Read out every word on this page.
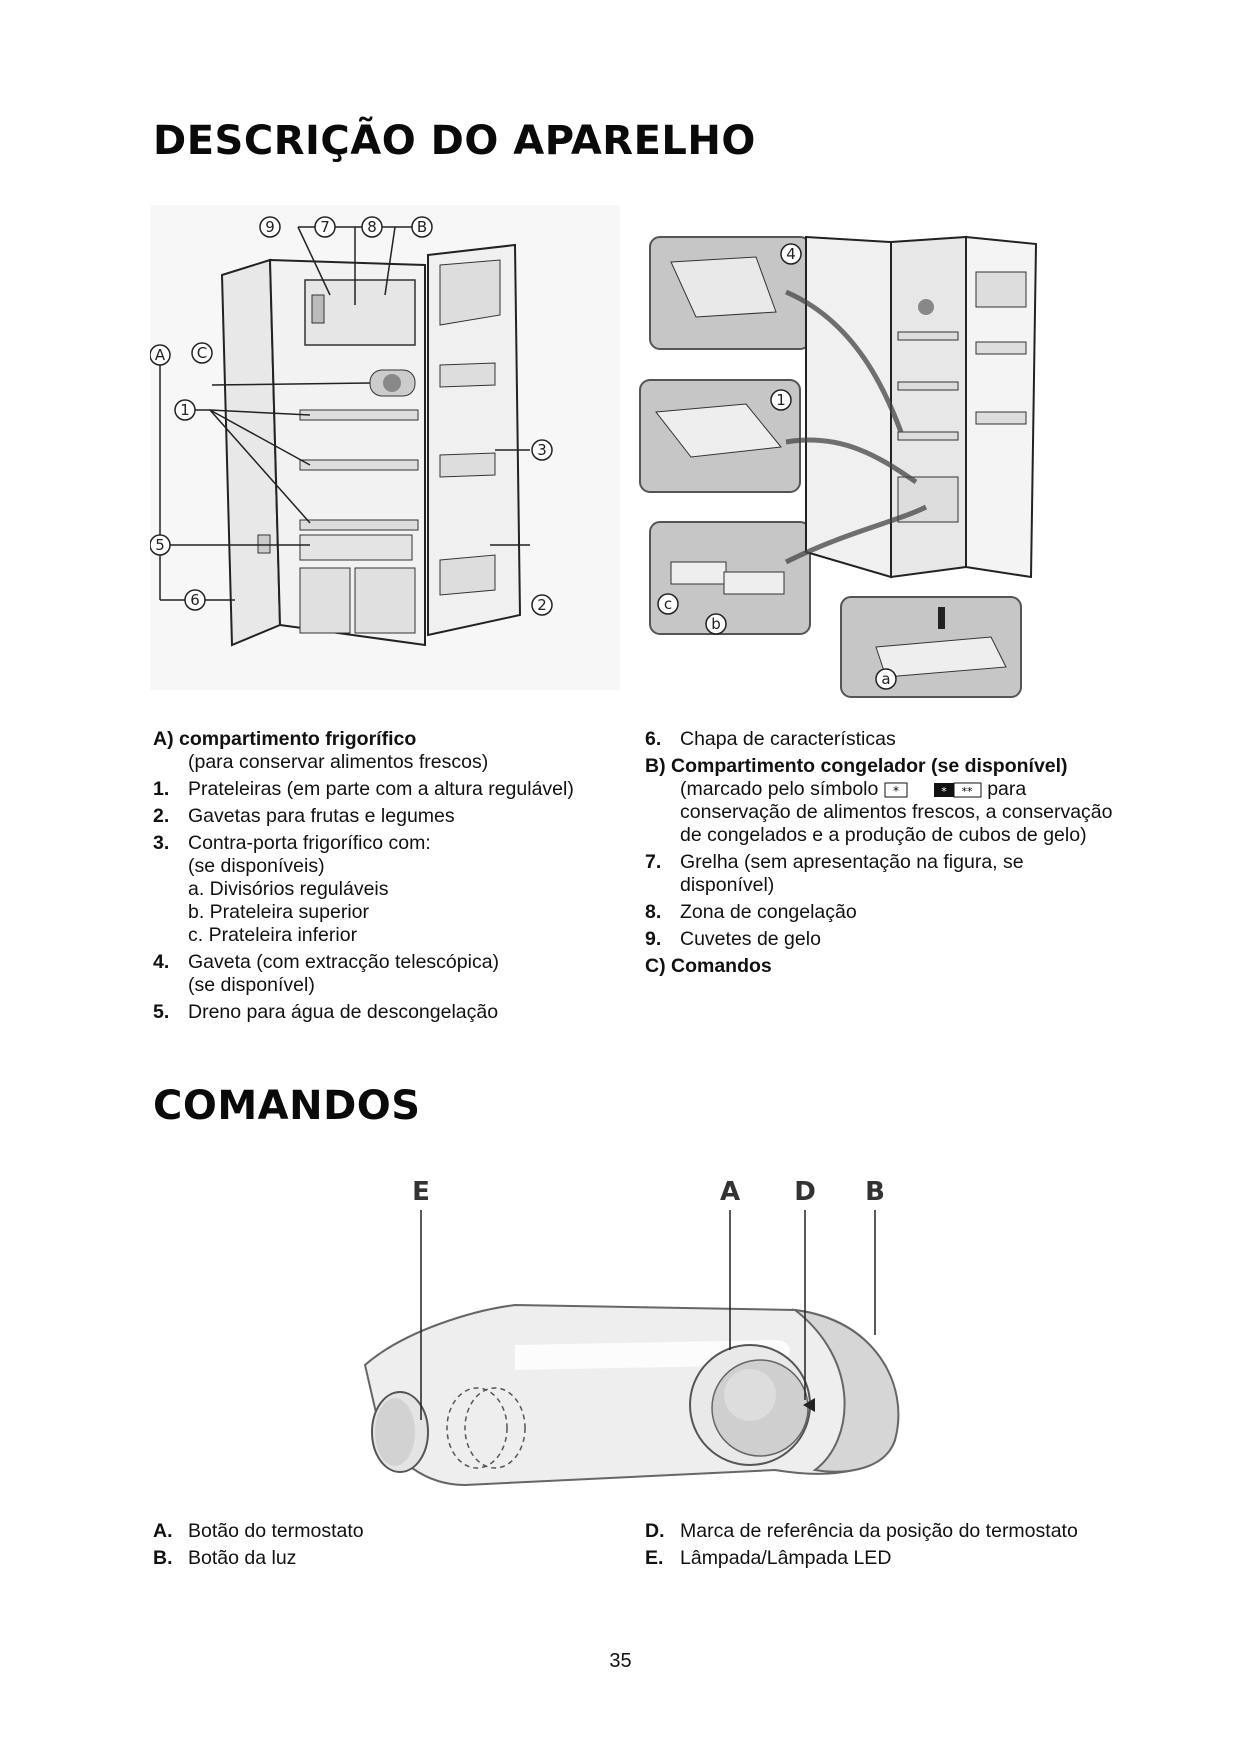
DESCRIÇÃO DO APARELHO
9	7 8	B
A C
1
5
6
3
2
4
1
c
b
a
A) compartimento frigorífico
(para conservar alimentos frescos)
1. Prateleiras (em parte com a altura regulável)
2. Gavetas para frutas e legumes
3. Contra-porta frigorífico com:
(se disponíveis)
a. Divisórios reguláveis
b. Prateleira superior
c. Prateleira inferior
4. Gaveta (com extracção telescópica)
(se disponível)
5. Dreno para água de descongelação
6. Chapa de características
B) Compartimento congelador (se disponível)
(marcado pelo símbolo *	* ** para
conservação de alimentos frescos, a conservação
de congelados e a produção de cubos de gelo)
7. Grelha (sem apresentação na figura, se
disponível)
8. Zona de congelação
9. Cuvetes de gelo
C) Comandos
COMANDOS
E	A D B
A. Botão do termostato
B. Botão da luz
D. Marca de referência da posição do termostato
E. Lâmpada/Lâmpada LED
35
